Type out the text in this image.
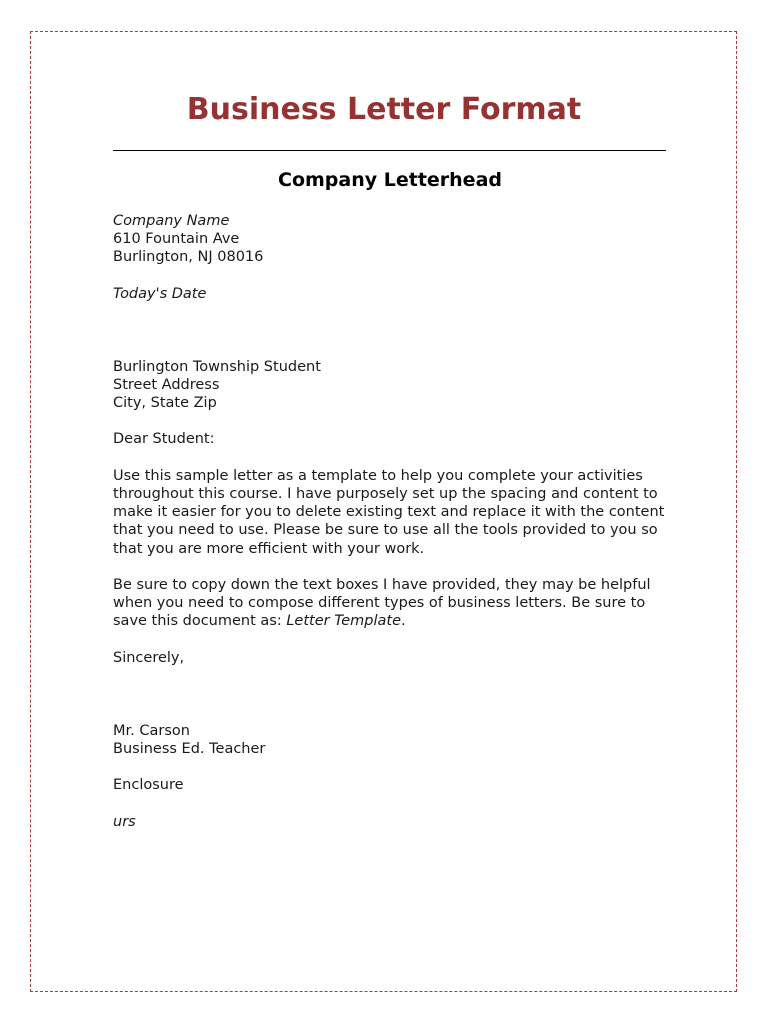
Business Letter Format
Company Letterhead

Company Name

610 Fountain Ave

Burlington, NJ 08016

Today's Date

Burlington Township Student

Street Address

City, State Zip

Dear Student:

Use this sample letter as a template to help you complete your activities throughout this course. I have purposely set up the spacing and content to make it easier for you to delete existing text and replace it with the content that you need to use. Please be sure to use all the tools provided to you so that you are more efficient with your work.

Be sure to copy down the text boxes I have provided, they may be helpful when you need to compose different types of business letters. Be sure to save this document as: Letter Template.

Sincerely,

Mr. Carson

Business Ed. Teacher

Enclosure

urs
